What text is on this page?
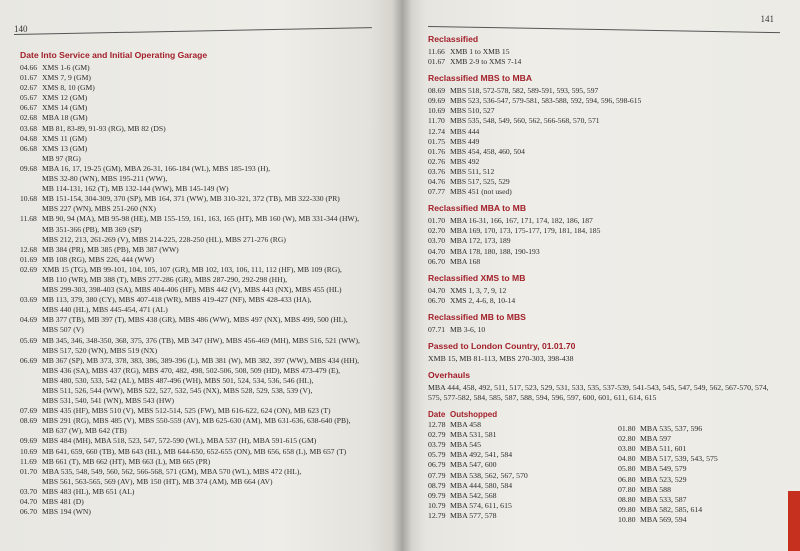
140
Date Into Service and Initial Operating Garage
04.66 XMS 1-6 (GM)
01.67 XMS 7, 9 (GM)
02.67 XMS 8, 10 (GM)
05.67 XMS 12 (GM)
06.67 XMS 14 (GM)
02.68 MBA 18 (GM)
03.68 MB 81, 83-89, 91-93 (RG), MB 82 (DS)
04.68 XMS 11 (GM)
06.68 XMS 13 (GM)
MB 97 (RG)
09.68 MBA 16, 17, 19-25 (GM), MBA 26-31, 166-184 (WL), MBS 185-193 (H),
MBS 32-80 (WN), MBS 195-211 (WW),
MB 114-131, 162 (T), MB 132-144 (WW), MB 145-149 (W)
10.68 MB 151-154, 304-309, 370 (SP), MB 164, 371 (WW), MB 310-321, 372 (TB), MB 322-330 (PR)
MBS 227 (WN), MBS 251-260 (NX)
11.68 MB 90, 94 (MA), MB 95-98 (HE), MB 155-159, 161, 163, 165 (HT), MB 160 (W), MB 331-344 (HW),
MB 351-366 (PB), MB 369 (SP)
MBS 212, 213, 261-269 (V), MBS 214-225, 228-250 (HL), MBS 271-276 (RG)
12.68 MB 384 (PR), MB 385 (PB), MB 387 (WW)
01.69 MB 108 (RG), MBS 226, 444 (WW)
02.69 XMB 15 (TG), MB 99-101, 104, 105, 107 (GR), MB 102, 103, 106, 111, 112 (HF), MB 109 (RG),
MB 110 (WR), MB 388 (T), MBS 277-286 (GR), MBS 287-290, 292-298 (HH),
MBS 299-303, 398-403 (SA), MBS 404-406 (HF), MBS 442 (V), MBS 443 (NX), MBS 455 (HL)
03.69 MB 113, 379, 380 (CY), MBS 407-418 (WR), MBS 419-427 (NF), MBS 428-433 (HA),
MBS 440 (HL), MBS 445-454, 471 (AL)
04.69 MB 377 (TB), MB 397 (T), MBS 438 (GR), MBS 486 (WW), MBS 497 (NX), MBS 499, 500 (HL),
MBS 507 (V)
05.69 MB 345, 346, 348-350, 368, 375, 376 (TB), MB 347 (HW), MBS 456-469 (MH), MBS 516, 521 (WW),
MBS 517, 520 (WN), MBS 519 (NX)
06.69 MB 367 (SP), MB 373, 378, 383, 386, 389-396 (L), MB 381 (W), MB 382, 397 (WW), MBS 434 (HH),
MBS 436 (SA), MBS 437 (RG), MBS 470, 482, 498, 502-506, 508, 509 (HD), MBS 473-479 (E),
MBS 480, 530, 533, 542 (AL), MBS 487-496 (WH), MBS 501, 524, 534, 536, 546 (HL),
MBS 511, 526, 544 (WW), MBS 522, 527, 532, 545 (NX), MBS 528, 529, 538, 539 (V),
MBS 531, 540, 541 (WN), MBS 543 (HW)
07.69 MBS 435 (HF), MBS 510 (V), MBS 512-514, 525 (FW), MB 616-622, 624 (ON), MB 623 (T)
08.69 MBS 291 (RG), MBS 485 (V), MBS 550-559 (AV), MB 625-630 (AM), MB 631-636, 638-640 (PB),
MB 637 (W), MB 642 (TB)
09.69 MBS 484 (MH), MBA 518, 523, 547, 572-590 (WL), MBA 537 (H), MBA 591-615 (GM)
10.69 MB 641, 659, 660 (TB), MB 643 (HL), MB 644-650, 652-655 (ON), MB 656, 658 (L), MB 657 (T)
11.69 MB 661 (T), MB 662 (HT), MB 663 (L), MB 665 (PR)
01.70 MBA 535, 548, 549, 560, 562, 566-568, 571 (GM), MBA 570 (WL), MBS 472 (HL),
MBS 561, 563-565, 569 (AV), MB 150 (HT), MB 374 (AM), MB 664 (AV)
03.70 MBS 483 (HL), MB 651 (AL)
04.70 MBS 481 (D)
06.70 MBS 194 (WN)
141
Reclassified
11.66 XMB 1 to XMB 15
01.67 XMB 2-9 to XMS 7-14
Reclassified MBS to MBA
08.69 MBS 518, 572-578, 582, 589-591, 593, 595, 597
09.69 MBS 523, 536-547, 579-581, 583-588, 592, 594, 596, 598-615
10.69 MBS 510, 527
11.70 MBS 535, 548, 549, 560, 562, 566-568, 570, 571
12.74 MBS 444
01.75 MBS 449
01.76 MBS 454, 458, 460, 504
02.76 MBS 492
03.76 MBS 511, 512
04.76 MBS 517, 525, 529
07.77 MBS 451 (not used)
Reclassified MBA to MB
01.70 MBA 16-31, 166, 167, 171, 174, 182, 186, 187
02.70 MBA 169, 170, 173, 175-177, 179, 181, 184, 185
03.70 MBA 172, 173, 189
04.70 MBA 178, 180, 188, 190-193
06.70 MBA 168
Reclassified XMS to MB
04.70 XMS 1, 3, 7, 9, 12
06.70 XMS 2, 4-6, 8, 10-14
Reclassified MB to MBS
07.71 MB 3-6, 10
Passed to London Country, 01.01.70
XMB 15, MB 81-113, MBS 270-303, 398-438
Overhauls
MBA 444, 458, 492, 511, 517, 523, 529, 531, 533, 535, 537-539, 541-543, 545, 547, 549, 562, 567-570, 574,
575, 577-582, 584, 585, 587, 588, 594, 596, 597, 600, 601, 611, 614, 615
Date Outshopped
12.78 MBA 458
02.79 MBA 531, 581
03.79 MBA 545
05.79 MBA 492, 541, 584
06.79 MBA 547, 600
07.79 MBA 538, 562, 567, 570
08.79 MBA 444, 580, 584
09.79 MBA 542, 568
10.79 MBA 574, 611, 615
12.79 MBA 577, 578
01.80 MBA 535, 537, 596
02.80 MBA 597
03.80 MBA 511, 601
04.80 MBA 517, 539, 543, 575
05.80 MBA 549, 579
06.80 MBA 523, 529
07.80 MBA 588
08.80 MBA 533, 587
09.80 MBA 582, 585, 614
10.80 MBA 569, 594
